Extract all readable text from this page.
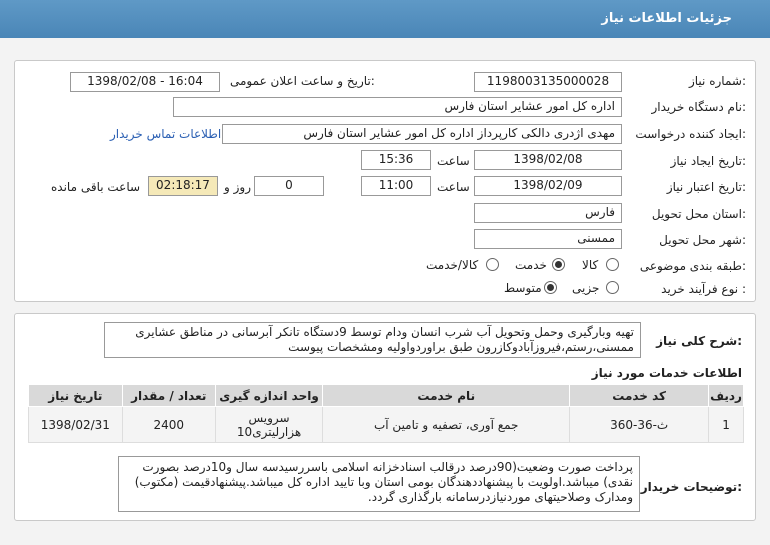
جزئیات اطلاعات نیاز
شماره نیاز:
1198003135000028
تاریخ و ساعت اعلان عمومی:
1398/02/08 - 16:04
نام دستگاه خریدار:
اداره کل امور عشایر استان فارس
ایجاد کننده درخواست:
مهدی اژدری دالکی کارپرداز اداره کل امور عشایر استان فارس
اطلاعات تماس خریدار
تاریخ ایجاد نیاز:
1398/02/08
ساعت
15:36
تاریخ اعتبار نیاز:
1398/02/09
ساعت
11:00
0
روز و
02:18:17
ساعت باقی مانده
استان محل تحویل:
فارس
شهر محل تحویل:
ممسنی
طبقه بندی موضوعی:
کالا
خدمت
کالا/خدمت
نوع فرآیند خرید :
جزیی
متوسط
شرح کلی نیاز:
تهیه وبارگیری وحمل وتحویل آب شرب انسان ودام توسط 9دستگاه تانکر آبرسانی در مناطق عشایری ممسنی،رستم،فیروزآبادوکازرون طبق براوردواولیه ومشخصات پیوست
اطلاعات خدمات مورد نیاز
تاریخ نیاز	تعداد / مقدار	واحد اندازه گیری	نام خدمت	کد خدمت	ردیف
1398/02/31	2400	سرویس
10هزارلیتری	جمع آوری، تصفیه و تامین آب	ث-36-360	1
توضیحات خریدار:
پرداخت صورت وضعیت(90درصد درقالب اسنادخزانه اسلامی باسررسیدسه سال و10درصد بصورت نقدی) میباشد.اولویت با پیشنهاددهندگان بومی استان وبا تایید اداره کل میباشد.پیشنهادقیمت (مکتوب) ومدارک وصلاحیتهای موردنیازدرسامانه بارگذاری گردد.
